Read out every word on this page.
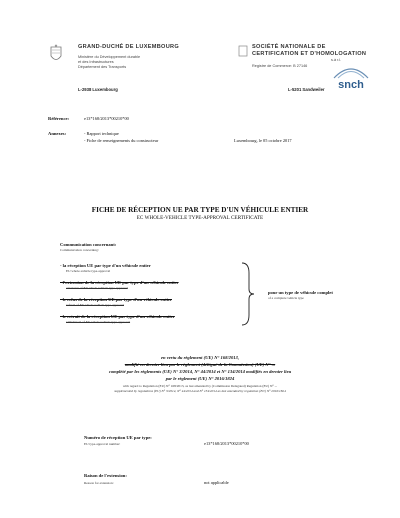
GRAND-DUCHÉ DE LUXEMBOURG
Ministère du Développement durable
et des Infrastructures
Département des Transports
L-2938 Luxembourg
SOCIÉTÉ NATIONALE DE
CERTIFICATION ET D'HOMOLOGATION
s.à r.l.
Registre de Commerce: B 27146
snch
L-5201 Sandweiler
Référence:	e13*168/2013*00210*00
Annexes:	- Rapport technique
- Fiche de renseignements du constructeur	Luxembourg, le 05 octobre 2017
FICHE DE RÉCEPTION UE PAR TYPE D'UN VÉHICULE ENTIER
EC WHOLE-VEHICLE TYPE-APPROVAL CERTIFICATE
Communication concernant:
Communication concerning:
- la réception UE par type d'un véhicule entier
EU whole-vehicle type-approval
- l'extension de la réception UE par type d'un véhicule entier
extension of EU whole-vehicle type-approval
- le refus de la réception UE par type d'un véhicule entier
refusal of EU whole-vehicle type-approval
- le retrait de la réception UE par type d'un véhicule entier
withdrawal of EU whole-vehicle type-approval
pour un type de véhicule complet
of a complete vehicle type
en vertu du règlement (UE) N° 168/2013,
modifié en dernier lieu par le règlement (délégué de la Commission) (UE) N° ...
complété par les règlements (UE) N° 3/2014, N° 44/2014 et N° 134/2014 modifiés en dernier lieu
par le règlement (UE) N° 2016/1824
with regard to Regulation (EU) N° 168/2013, as last amended by (Commission Delegated) Regulation (EU) N° ...
supplemented by regulations (EU) N° 3/2014, N° 44/2014 and N° 134/2014 as last amended by regulation (EU) N° 2016/1824
Numéro de réception UE par type:
EU type-approval number:	e13*168/2013*00210*00
Raison de l'extension:
Reason for extension:	not applicable
